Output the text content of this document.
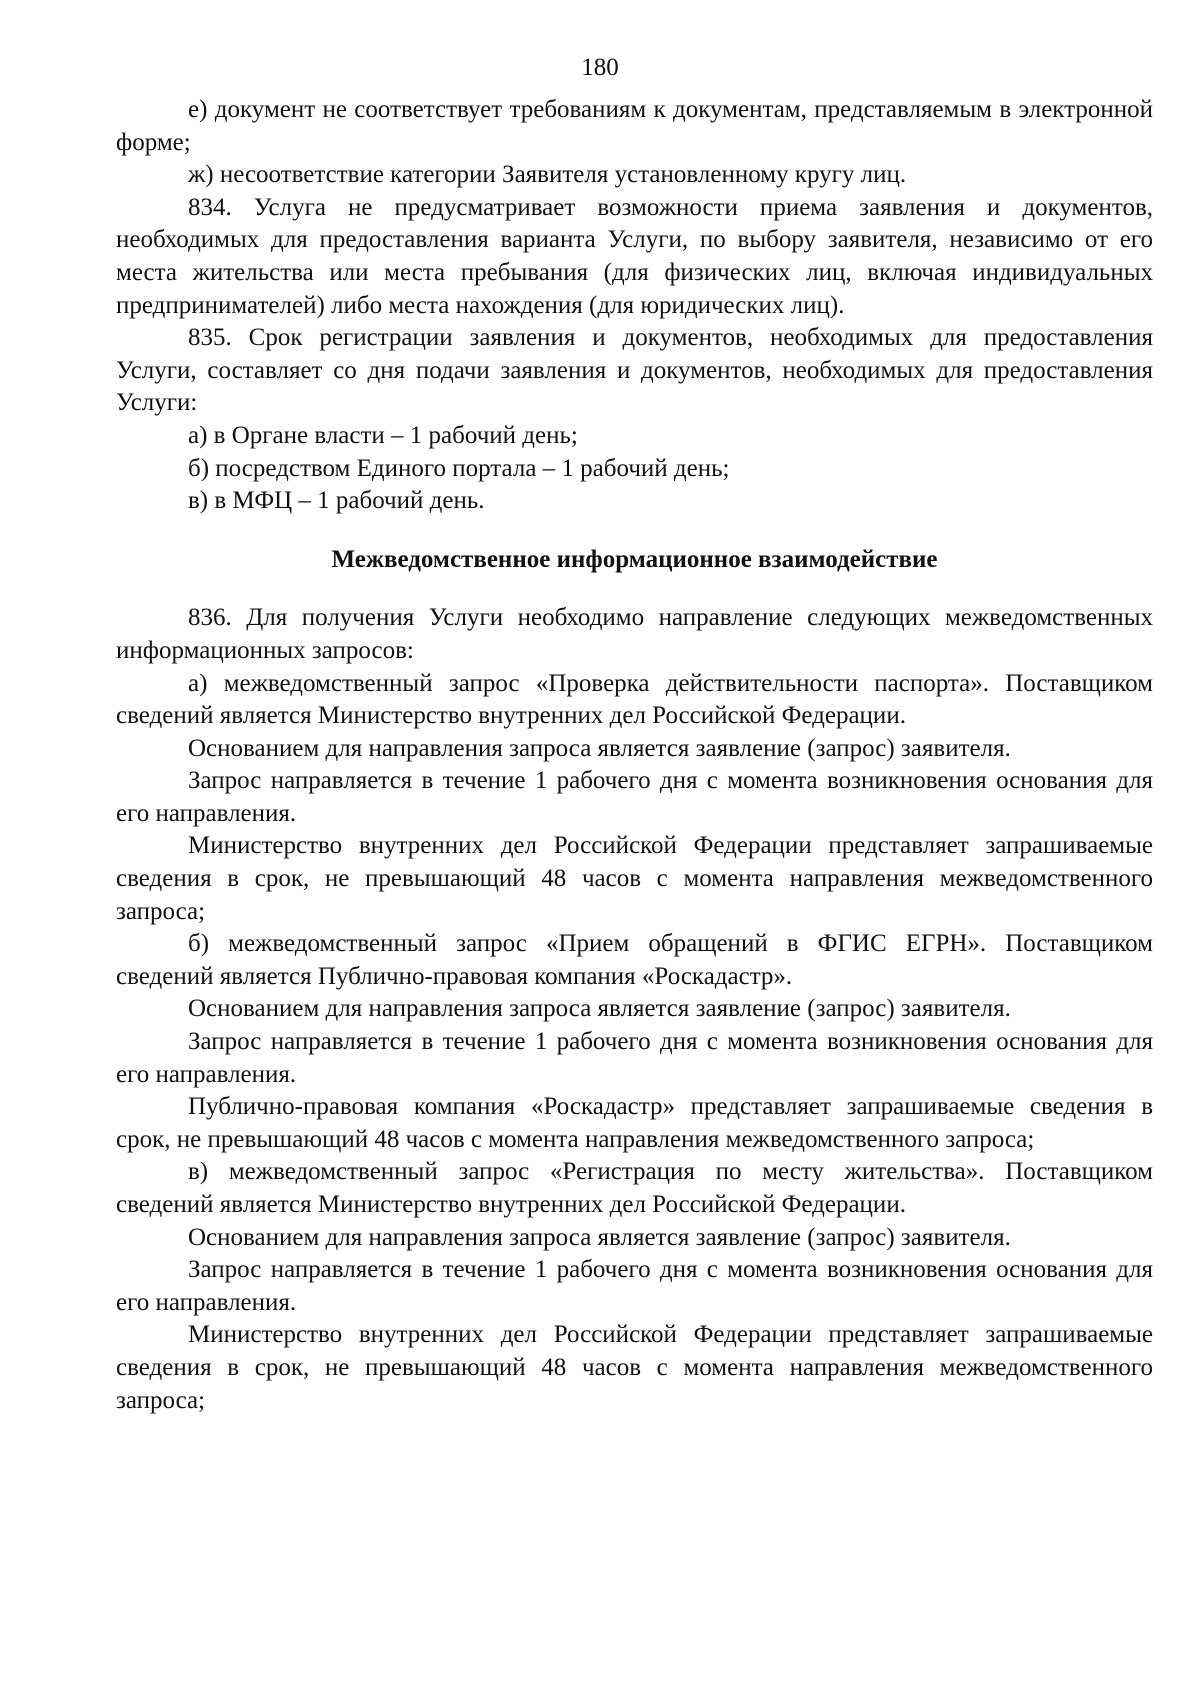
180

е) документ не соответствует требованиям к документам, представляемым в электронной форме;

ж) несоответствие категории Заявителя установленному кругу лиц.

834. Услуга не предусматривает возможности приема заявления и документов, необходимых для предоставления варианта Услуги, по выбору заявителя, независимо от его места жительства или места пребывания (для физических лиц, включая индивидуальных предпринимателей) либо места нахождения (для юридических лиц).

835. Срок регистрации заявления и документов, необходимых для предоставления Услуги, составляет со дня подачи заявления и документов, необходимых для предоставления Услуги:

а) в Органе власти – 1 рабочий день;

б) посредством Единого портала – 1 рабочий день;

в) в МФЦ – 1 рабочий день.

Межведомственное информационное взаимодействие

836. Для получения Услуги необходимо направление следующих межведомственных информационных запросов:

а) межведомственный запрос «Проверка действительности паспорта». Поставщиком сведений является Министерство внутренних дел Российской Федерации.

Основанием для направления запроса является заявление (запрос) заявителя.

Запрос направляется в течение 1 рабочего дня с момента возникновения основания для его направления.

Министерство внутренних дел Российской Федерации представляет запрашиваемые сведения в срок, не превышающий 48 часов с момента направления межведомственного запроса;

б) межведомственный запрос «Прием обращений в ФГИС ЕГРН». Поставщиком сведений является Публично-правовая компания «Роскадастр».

Основанием для направления запроса является заявление (запрос) заявителя.

Запрос направляется в течение 1 рабочего дня с момента возникновения основания для его направления.

Публично-правовая компания «Роскадастр» представляет запрашиваемые сведения в срок, не превышающий 48 часов с момента направления межведомственного запроса;

в) межведомственный запрос «Регистрация по месту жительства». Поставщиком сведений является Министерство внутренних дел Российской Федерации.

Основанием для направления запроса является заявление (запрос) заявителя.

Запрос направляется в течение 1 рабочего дня с момента возникновения основания для его направления.

Министерство внутренних дел Российской Федерации представляет запрашиваемые сведения в срок, не превышающий 48 часов с момента направления межведомственного запроса;
